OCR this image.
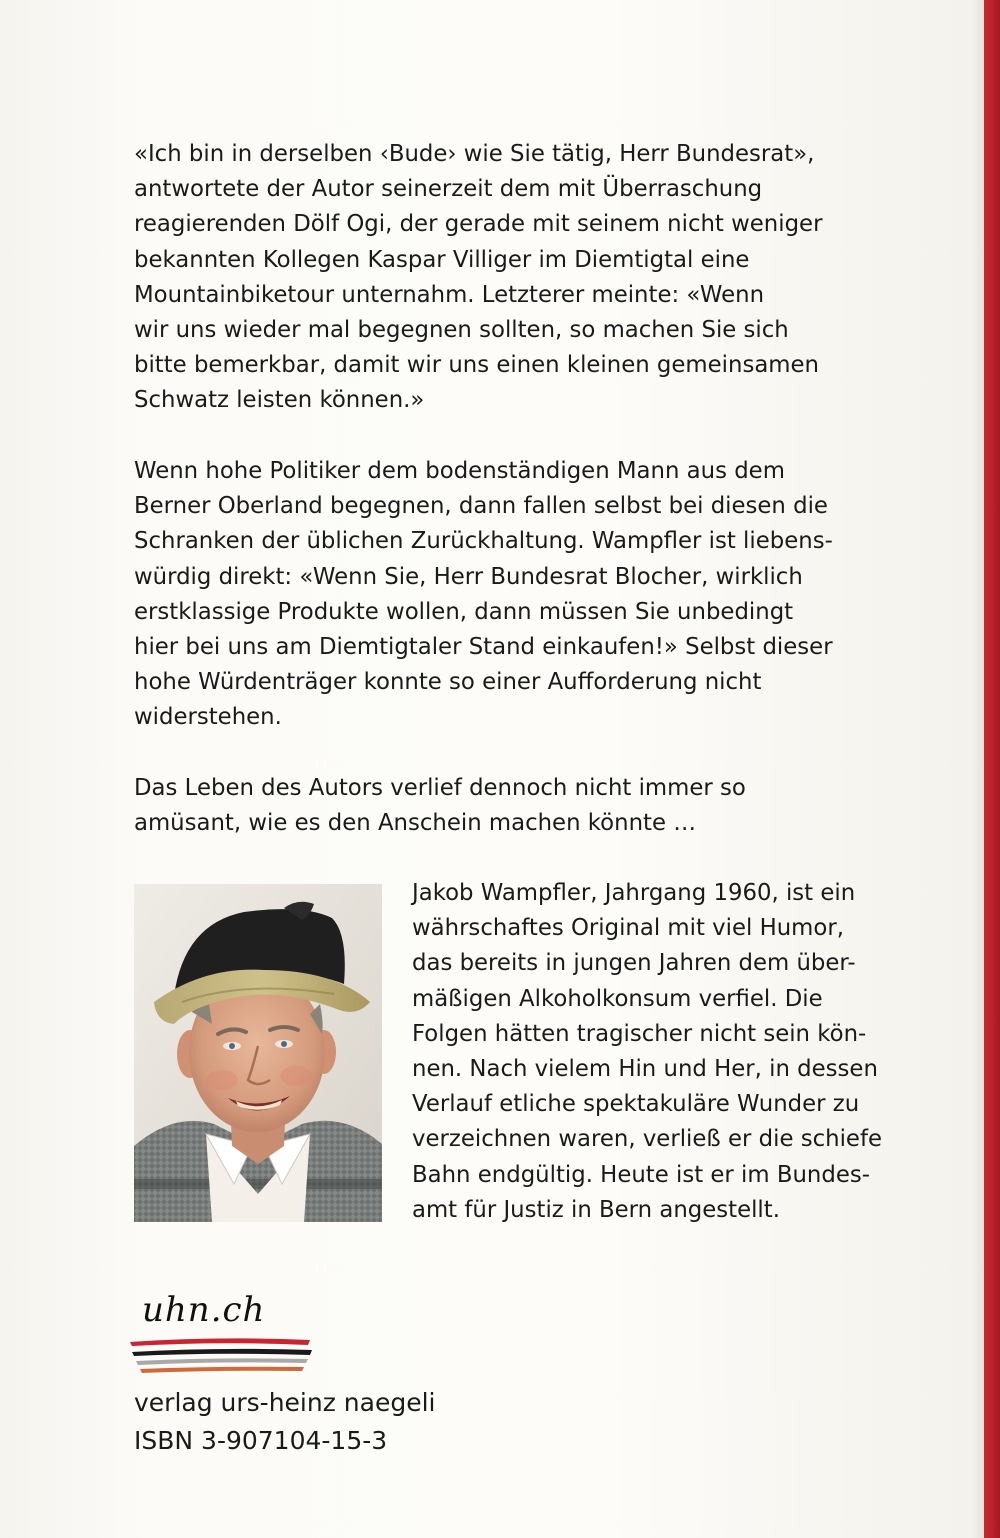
«Ich bin in derselben ‹Bude› wie Sie tätig, Herr Bundesrat»,
antwortete der Autor seinerzeit dem mit Überraschung
reagierenden Dölf Ogi, der gerade mit seinem nicht weniger
bekannten Kollegen Kaspar Villiger im Diemtigtal eine
Mountainbiketour unternahm. Letzterer meinte: «Wenn
wir uns wieder mal begegnen sollten, so machen Sie sich
bitte bemerkbar, damit wir uns einen kleinen gemeinsamen
Schwatz leisten können.»
Wenn hohe Politiker dem bodenständigen Mann aus dem
Berner Oberland begegnen, dann fallen selbst bei diesen die
Schranken der üblichen Zurückhaltung. Wampfler ist liebens-
würdig direkt: «Wenn Sie, Herr Bundesrat Blocher, wirklich
erstklassige Produkte wollen, dann müssen Sie unbedingt
hier bei uns am Diemtigtaler Stand einkaufen!» Selbst dieser
hohe Würdenträger konnte so einer Aufforderung nicht
widerstehen.
Das Leben des Autors verlief dennoch nicht immer so
amüsant, wie es den Anschein machen könnte …
Jakob Wampfler, Jahrgang 1960, ist ein
währschaftes Original mit viel Humor,
das bereits in jungen Jahren dem über-
mäßigen Alkoholkonsum verfiel. Die
Folgen hätten tragischer nicht sein kön-
nen. Nach vielem Hin und Her, in dessen
Verlauf etliche spektakuläre Wunder zu
verzeichnen waren, verließ er die schiefe
Bahn endgültig. Heute ist er im Bundes-
amt für Justiz in Bern angestellt.
uhn.ch

verlag urs-heinz naegeli

ISBN 3-907104-15-3
